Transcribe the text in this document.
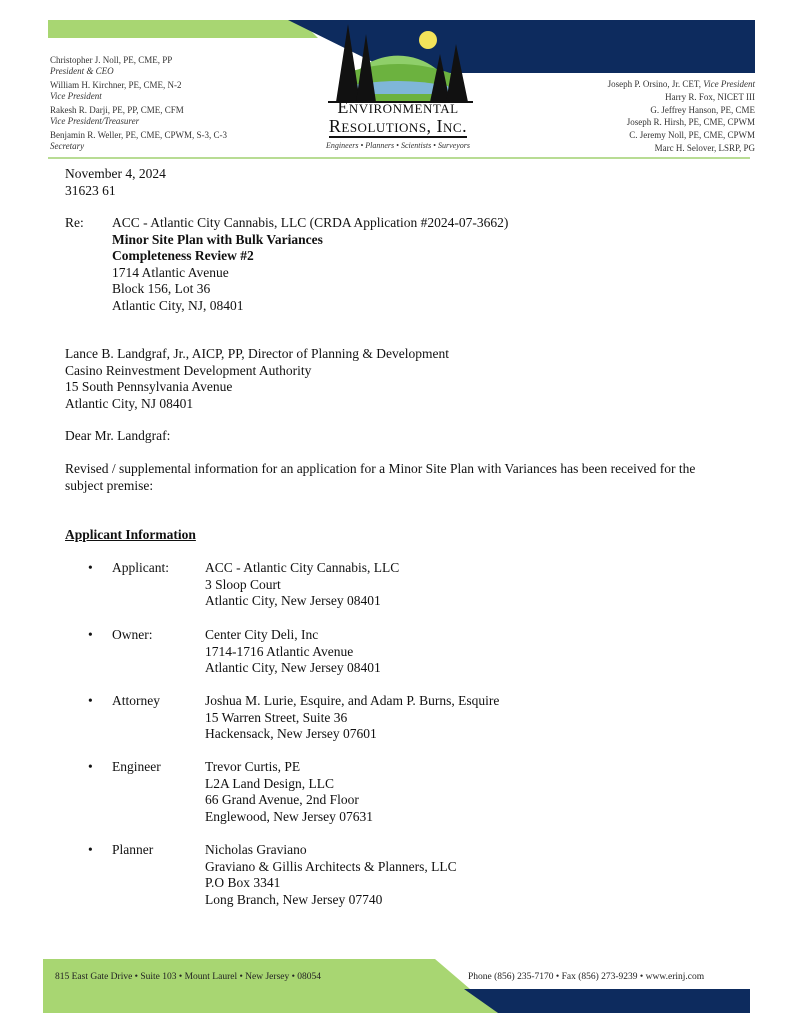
Environmental
Resolutions, Inc.
Engineers • Planners • Scientists • Surveyors
Christopher J. Noll, PE, CME, PP
President & CEO
William H. Kirchner, PE, CME, N-2
Vice President
Rakesh R. Darji, PE, PP, CME, CFM
Vice President/Treasurer
Benjamin R. Weller, PE, CME, CPWM, S-3, C-3
Secretary
Joseph P. Orsino, Jr. CET, Vice President
Harry R. Fox, NICET III
G. Jeffrey Hanson, PE, CME
Joseph R. Hirsh, PE, CME, CPWM
C. Jeremy Noll, PE, CME, CPWM
Marc H. Selover, LSRP, PG
November 4, 2024
31623 61
Re: ACC - Atlantic City Cannabis, LLC (CRDA Application #2024-07-3662)
Minor Site Plan with Bulk Variances
Completeness Review #2
1714 Atlantic Avenue
Block 156, Lot 36
Atlantic City, NJ, 08401
Lance B. Landgraf, Jr., AICP, PP, Director of Planning & Development
Casino Reinvestment Development Authority
15 South Pennsylvania Avenue
Atlantic City, NJ 08401
Dear Mr. Landgraf:
Revised / supplemental information for an application for a Minor Site Plan with Variances has been received for the subject premise:
Applicant Information
• Applicant:	ACC - Atlantic City Cannabis, LLC
3 Sloop Court
Atlantic City, New Jersey 08401
• Owner:	Center City Deli, Inc
1714-1716 Atlantic Avenue
Atlantic City, New Jersey 08401
• Attorney	Joshua M. Lurie, Esquire, and Adam P. Burns, Esquire
15 Warren Street, Suite 36
Hackensack, New Jersey 07601
• Engineer	Trevor Curtis, PE
L2A Land Design, LLC
66 Grand Avenue, 2nd Floor
Englewood, New Jersey 07631
• Planner	Nicholas Graviano
Graviano & Gillis Architects & Planners, LLC
P.O Box 3341
Long Branch, New Jersey 07740
815 East Gate Drive • Suite 103 • Mount Laurel • New Jersey • 08054	Phone (856) 235-7170 • Fax (856) 273-9239 • www.erinj.com
